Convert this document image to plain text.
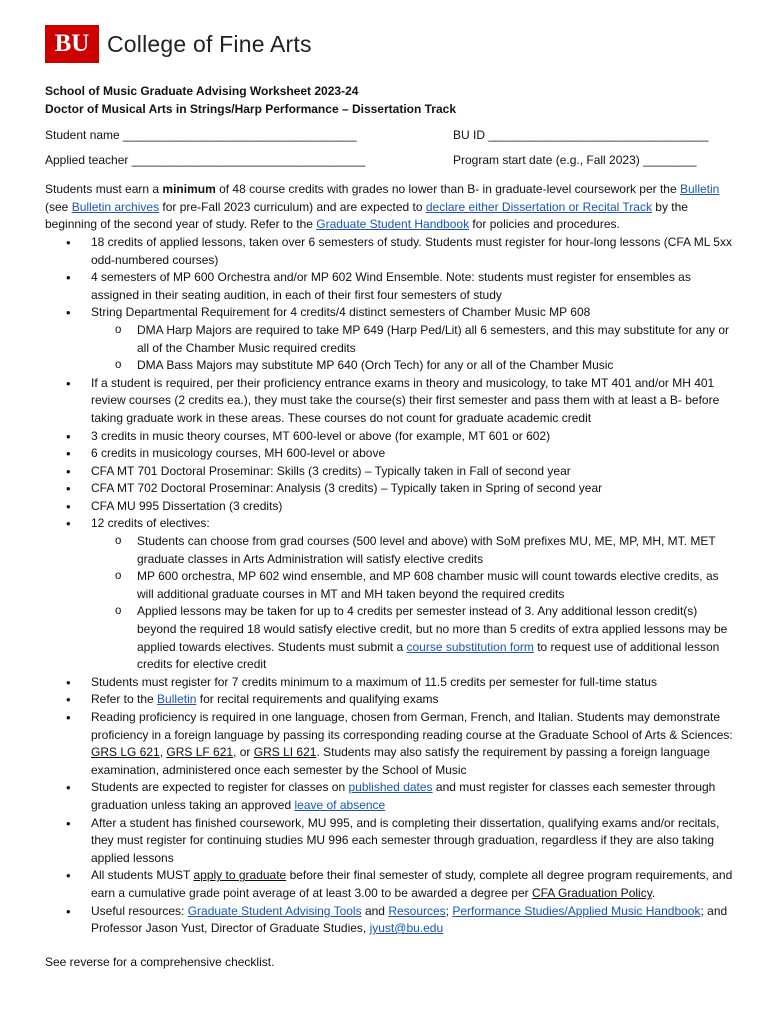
BU College of Fine Arts

School of Music Graduate Advising Worksheet 2023-24

Doctor of Musical Arts in Strings/Harp Performance – Dissertation Track

Student name ___________________________________	BU ID _________________________________
Applied teacher ___________________________________	Program start date (e.g., Fall 2023) ________
Students must earn a minimum of 48 course credits with grades no lower than B- in graduate-level coursework per the Bulletin (see Bulletin archives for pre-Fall 2023 curriculum) and are expected to declare either Dissertation or Recital Track by the beginning of the second year of study. Refer to the Graduate Student Handbook for policies and procedures.
• 18 credits of applied lessons, taken over 6 semesters of study. Students must register for hour-long lessons (CFA ML 5xx odd-numbered courses)
• 4 semesters of MP 600 Orchestra and/or MP 602 Wind Ensemble. Note: students must register for ensembles as assigned in their seating audition, in each of their first four semesters of study
• String Departmental Requirement for 4 credits/4 distinct semesters of Chamber Music MP 608
o DMA Harp Majors are required to take MP 649 (Harp Ped/Lit) all 6 semesters, and this may substitute for any or all of the Chamber Music required credits
o DMA Bass Majors may substitute MP 640 (Orch Tech) for any or all of the Chamber Music
• If a student is required, per their proficiency entrance exams in theory and musicology, to take MT 401 and/or MH 401 review courses (2 credits ea.), they must take the course(s) their first semester and pass them with at least a B- before taking graduate work in these areas. These courses do not count for graduate academic credit
• 3 credits in music theory courses, MT 600-level or above (for example, MT 601 or 602)
• 6 credits in musicology courses, MH 600-level or above
• CFA MT 701 Doctoral Proseminar: Skills (3 credits) – Typically taken in Fall of second year
• CFA MT 702 Doctoral Proseminar: Analysis (3 credits) – Typically taken in Spring of second year
• CFA MU 995 Dissertation (3 credits)
• 12 credits of electives:
o Students can choose from grad courses (500 level and above) with SoM prefixes MU, ME, MP, MH, MT. MET graduate classes in Arts Administration will satisfy elective credits
o MP 600 orchestra, MP 602 wind ensemble, and MP 608 chamber music will count towards elective credits, as will additional graduate courses in MT and MH taken beyond the required credits
o Applied lessons may be taken for up to 4 credits per semester instead of 3. Any additional lesson credit(s) beyond the required 18 would satisfy elective credit, but no more than 5 credits of extra applied lessons may be applied towards electives. Students must submit a course substitution form to request use of additional lesson credits for elective credit
• Students must register for 7 credits minimum to a maximum of 11.5 credits per semester for full-time status
• Refer to the Bulletin for recital requirements and qualifying exams
• Reading proficiency is required in one language, chosen from German, French, and Italian. Students may demonstrate proficiency in a foreign language by passing its corresponding reading course at the Graduate School of Arts & Sciences: GRS LG 621, GRS LF 621, or GRS LI 621. Students may also satisfy the requirement by passing a foreign language examination, administered once each semester by the School of Music
• Students are expected to register for classes on published dates and must register for classes each semester through graduation unless taking an approved leave of absence
• After a student has finished coursework, MU 995, and is completing their dissertation, qualifying exams and/or recitals, they must register for continuing studies MU 996 each semester through graduation, regardless if they are also taking applied lessons
• All students MUST apply to graduate before their final semester of study, complete all degree program requirements, and earn a cumulative grade point average of at least 3.00 to be awarded a degree per CFA Graduation Policy.
• Useful resources: Graduate Student Advising Tools and Resources; Performance Studies/Applied Music Handbook; and Professor Jason Yust, Director of Graduate Studies, jyust@bu.edu

See reverse for a comprehensive checklist.
